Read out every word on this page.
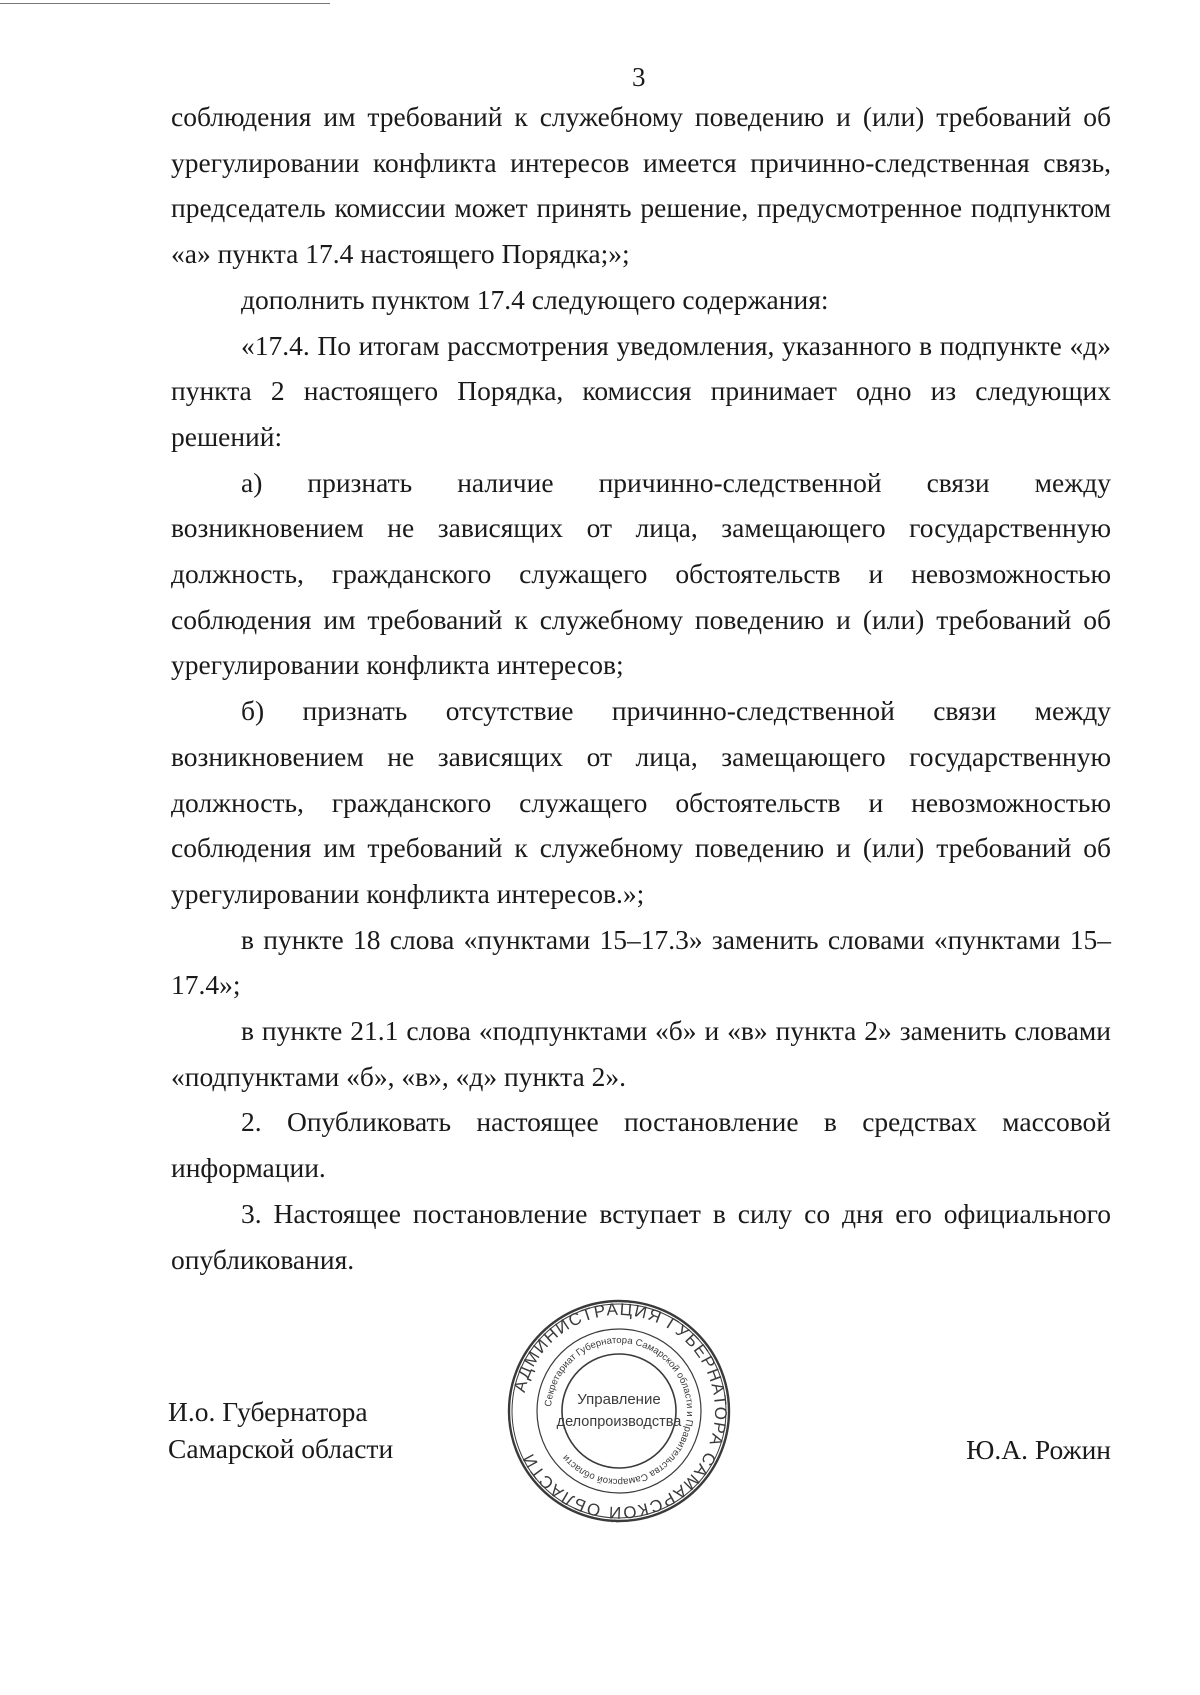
3

соблюдения им требований к служебному поведению и (или) требований об урегулировании конфликта интересов имеется причинно-следственная связь, председатель комиссии может принять решение, предусмотренное подпунктом «а» пункта 17.4 настоящего Порядка;»;

дополнить пунктом 17.4 следующего содержания:

«17.4. По итогам рассмотрения уведомления, указанного в подпункте «д» пункта 2 настоящего Порядка, комиссия принимает одно из следующих решений:

а) признать наличие причинно-следственной связи между возникновением не зависящих от лица, замещающего государственную должность, гражданского служащего обстоятельств и невозможностью соблюдения им требований к служебному поведению и (или) требований об урегулировании конфликта интересов;

б) признать отсутствие причинно-следственной связи между возникновением не зависящих от лица, замещающего государственную должность, гражданского служащего обстоятельств и невозможностью соблюдения им требований к служебному поведению и (или) требований об урегулировании конфликта интересов.»;

в пункте 18 слова «пунктами 15–17.3» заменить словами «пунктами 15–17.4»;

в пункте 21.1 слова «подпунктами «б» и «в» пункта 2» заменить словами «подпунктами «б», «в», «д» пункта 2».

2. Опубликовать настоящее постановление в средствах массовой информации.

3. Настоящее постановление вступает в силу со дня его официального опубликования.

И.о. Губернатора
Самарской области	Ю.А. Рожин
АДМИНИСТРАЦИЯ ГУБЕРНАТОРА САМАРСКОЙ ОБЛАСТИ
Секретариат Губернатора Самарской области и Правительства Самарской области
Управление
делопроизводства
